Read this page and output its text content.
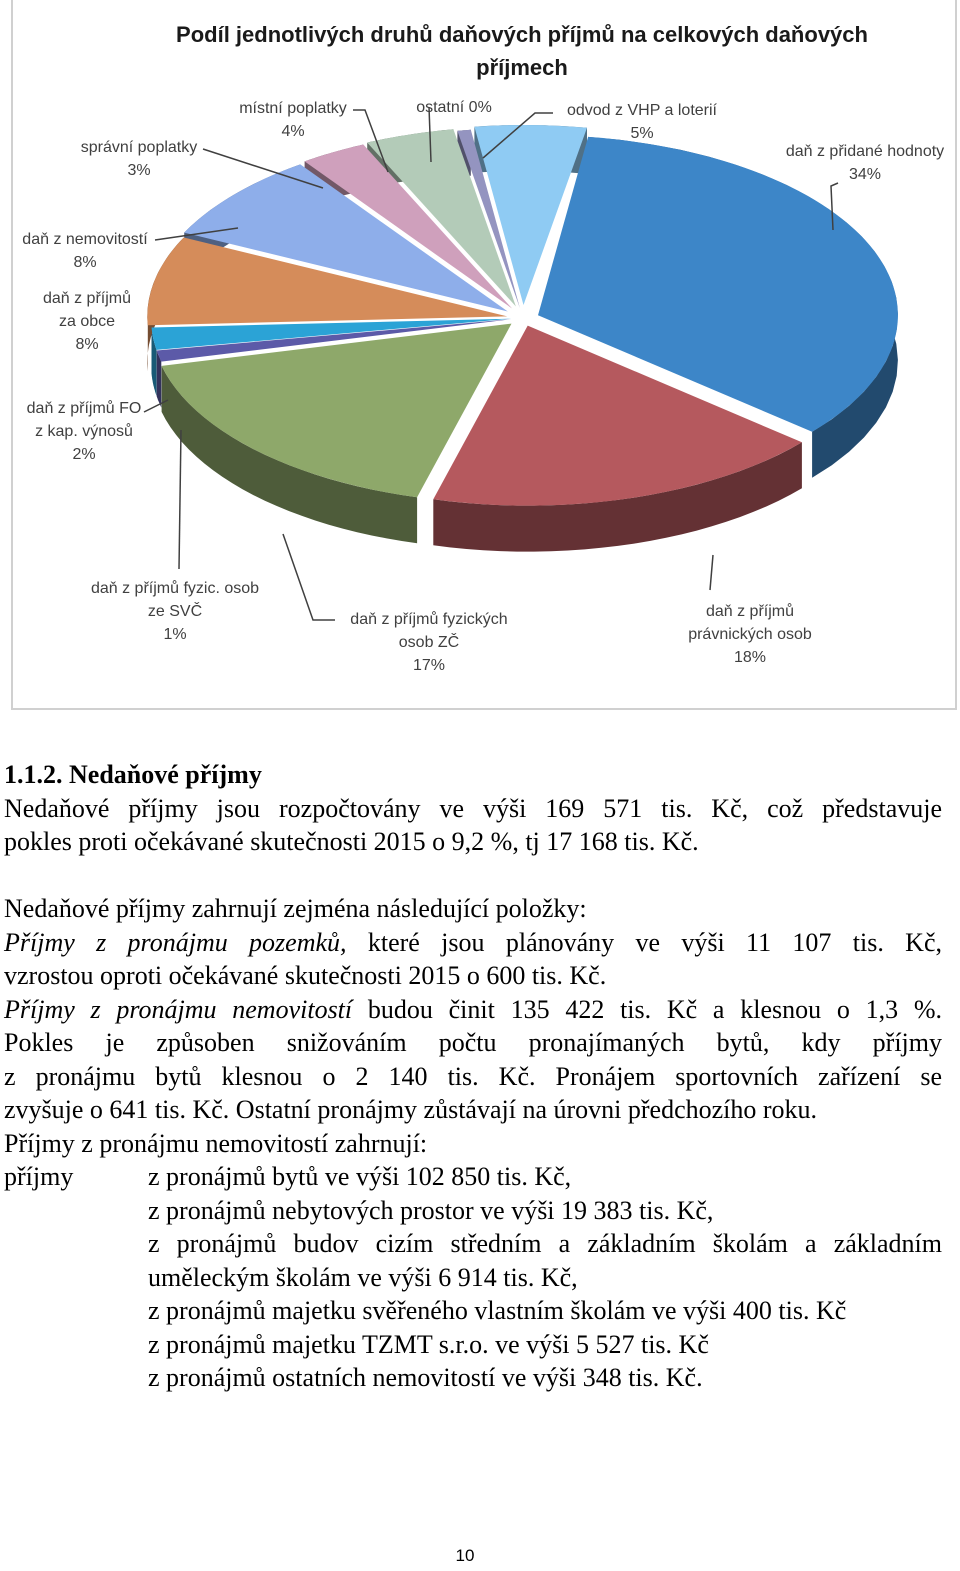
Podíl jednotlivých druhů daňových příjmů na celkových daňových
příjmech
daň z přidané hodnoty
34%
daň z příjmů
právnických osob
18%
daň z příjmů fyzických
osob ZČ
17%
daň z příjmů fyzic. osob
ze SVČ
1%
daň z příjmů FO
z kap. výnosů
2%
daň z příjmů
za obce
8%
daň z nemovitostí
8%
správní poplatky
3%
místní poplatky
4%
ostatní 0%	odvod z VHP a loterií
5%
1.1.2. Nedaňové příjmy
Nedaňové příjmy jsou rozpočtovány ve výši 169 571 tis. Kč, což představuje
pokles proti očekávané skutečnosti 2015 o 9,2 %, tj 17 168 tis. Kč.
Nedaňové příjmy zahrnují zejména následující položky:
Příjmy z pronájmu pozemků, které jsou plánovány ve výši 11 107 tis. Kč,
vzrostou oproti očekávané skutečnosti 2015 o 600 tis. Kč.
Příjmy z pronájmu nemovitostí budou činit 135 422 tis. Kč a klesnou o 1,3 %.
Pokles je způsoben snižováním počtu pronajímaných bytů, kdy příjmy
z pronájmu bytů klesnou o 2 140 tis. Kč. Pronájem sportovních zařízení se
zvyšuje o 641 tis. Kč. Ostatní pronájmy zůstávají na úrovni předchozího roku.
Příjmy z pronájmu nemovitostí zahrnují:
příjmy	z pronájmů bytů ve výši 102 850 tis. Kč,
z pronájmů nebytových prostor ve výši 19 383 tis. Kč,
z pronájmů budov cizím středním a základním školám a základním
uměleckým školám ve výši 6 914 tis. Kč,
z pronájmů majetku svěřeného vlastním školám ve výši 400 tis. Kč
z pronájmů majetku TZMT s.r.o. ve výši 5 527 tis. Kč
z pronájmů ostatních nemovitostí ve výši 348 tis. Kč.
10
